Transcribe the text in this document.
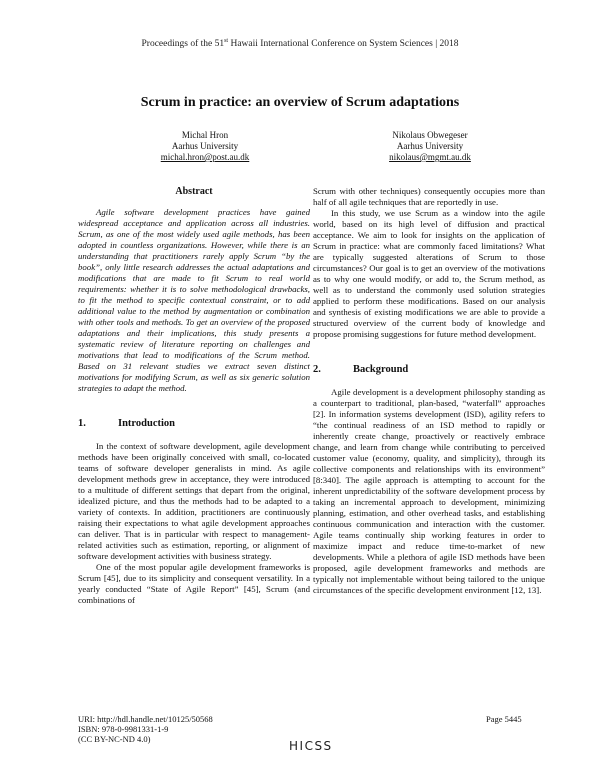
Proceedings of the 51st Hawaii International Conference on System Sciences | 2018
Scrum in practice: an overview of Scrum adaptations
Michal Hron
Aarhus University
michal.hron@post.au.dk
Nikolaus Obwegeser
Aarhus University
nikolaus@mgmt.au.dk
Abstract

Agile software development practices have gained widespread acceptance and application across all industries. Scrum, as one of the most widely used agile methods, has been adopted in countless organizations. However, while there is an understanding that practitioners rarely apply Scrum “by the book”, only little research addresses the actual adaptations and modifications that are made to fit Scrum to real world requirements: whether it is to solve methodological drawbacks, to fit the method to specific contextual constraint, or to add additional value to the method by augmentation or combination with other tools and methods. To get an overview of the proposed adaptations and their implications, this study presents a systematic review of literature reporting on challenges and motivations that lead to modifications of the Scrum method. Based on 31 relevant studies we extract seven distinct motivations for modifying Scrum, as well as six generic solution strategies to adapt the method.

1.	Introduction

In the context of software development, agile development methods have been originally conceived with small, co-located teams of software developer generalists in mind. As agile development methods grew in acceptance, they were introduced to a multitude of different settings that depart from the original, idealized picture, and thus the methods had to be adapted to a variety of contexts. In addition, practitioners are continuously raising their expectations to what agile development approaches can deliver. That is in particular with respect to management-related activities such as estimation, reporting, or alignment of software development activities with business strategy.

One of the most popular agile development frameworks is Scrum [45], due to its simplicity and consequent versatility. In a yearly conducted “State of Agile Report” [45], Scrum (and combinations of

Scrum with other techniques) consequently occupies more than half of all agile techniques that are reportedly in use.

In this study, we use Scrum as a window into the agile world, based on its high level of diffusion and practical acceptance. We aim to look for insights on the application of Scrum in practice: what are commonly faced limitations? What are typically suggested alterations of Scrum to those circumstances? Our goal is to get an overview of the motivations as to why one would modify, or add to, the Scrum method, as well as to understand the commonly used solution strategies applied to perform these modifications. Based on our analysis and synthesis of existing modifications we are able to provide a structured overview of the current body of knowledge and propose promising suggestions for future method development.

2.	Background

Agile development is a development philosophy standing as a counterpart to traditional, plan-based, “waterfall” approaches [2]. In information systems development (ISD), agility refers to “the continual readiness of an ISD method to rapidly or inherently create change, proactively or reactively embrace change, and learn from change while contributing to perceived customer value (economy, quality, and simplicity), through its collective components and relationships with its environment” [8:340]. The agile approach is attempting to account for the inherent unpredictability of the software development process by taking an incremental approach to development, minimizing planning, estimation, and other overhead tasks, and establishing continuous communication and interaction with the customer. Agile teams continually ship working features in order to maximize impact and reduce time-to-market of new developments. While a plethora of agile ISD methods have been proposed, agile development frameworks and methods are typically not implementable without being tailored to the unique circumstances of the specific development environment [12, 13].

URI: http://hdl.handle.net/10125/50568
ISBN: 978-0-9981331-1-9
(CC BY-NC-ND 4.0)
Page 5445
HICSS
